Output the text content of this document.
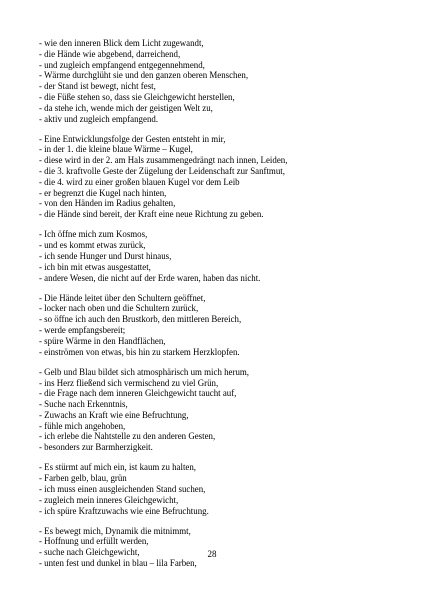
- wie den inneren Blick dem Licht zugewandt,
- die Hände wie abgebend, darreichend,
- und zugleich empfangend entgegennehmend,
- Wärme durchglüht sie und den ganzen oberen Menschen,
- der Stand ist bewegt, nicht fest,
- die Füße stehen so, dass sie Gleichgewicht herstellen,
- da stehe ich, wende mich der geistigen Welt zu,
- aktiv und zugleich empfangend.
- Eine Entwicklungsfolge der Gesten entsteht in mir,
- in der 1. die kleine blaue Wärme – Kugel,
- diese wird in der 2. am Hals zusammengedrängt nach innen, Leiden,
- die 3. kraftvolle Geste der Zügelung der Leidenschaft zur Sanftmut,
- die 4. wird zu einer großen blauen Kugel vor dem Leib
- er begrenzt die Kugel nach hinten,
- von den Händen im Radius gehalten,
- die Hände sind bereit, der Kraft eine neue Richtung zu geben.
- Ich öffne mich zum Kosmos,
- und es kommt etwas zurück,
- ich sende Hunger und Durst hinaus,
- ich bin mit etwas ausgestattet,
- andere Wesen, die nicht auf der Erde waren, haben das nicht.
- Die Hände leitet über den Schultern geöffnet,
- locker nach oben und die Schultern zurück,
- so öffne ich auch den Brustkorb, den mittleren Bereich,
- werde empfangsbereit;
- spüre Wärme in den Handflächen,
- einströmen von etwas, bis hin zu starkem Herzklopfen.
- Gelb und Blau bildet sich atmosphärisch um mich herum,
- ins Herz fließend sich vermischend zu viel Grün,
- die Frage nach dem inneren Gleichgewicht taucht auf,
- Suche nach Erkenntnis,
- Zuwachs an Kraft wie eine Befruchtung,
- fühle mich angehoben,
- ich erlebe die Nahtstelle zu den anderen Gesten,
- besonders zur Barmherzigkeit.
- Es stürmt auf mich ein, ist kaum zu halten,
- Farben gelb, blau, grün
- ich muss einen ausgleichenden Stand suchen,
- zugleich mein inneres Gleichgewicht,
- ich spüre Kraftzuwachs wie eine Befruchtung.
- Es bewegt mich, Dynamik die mitnimmt,
- Hoffnung und erfüllt werden,
- suche nach Gleichgewicht,
- unten fest und dunkel in blau – lila Farben,
28
